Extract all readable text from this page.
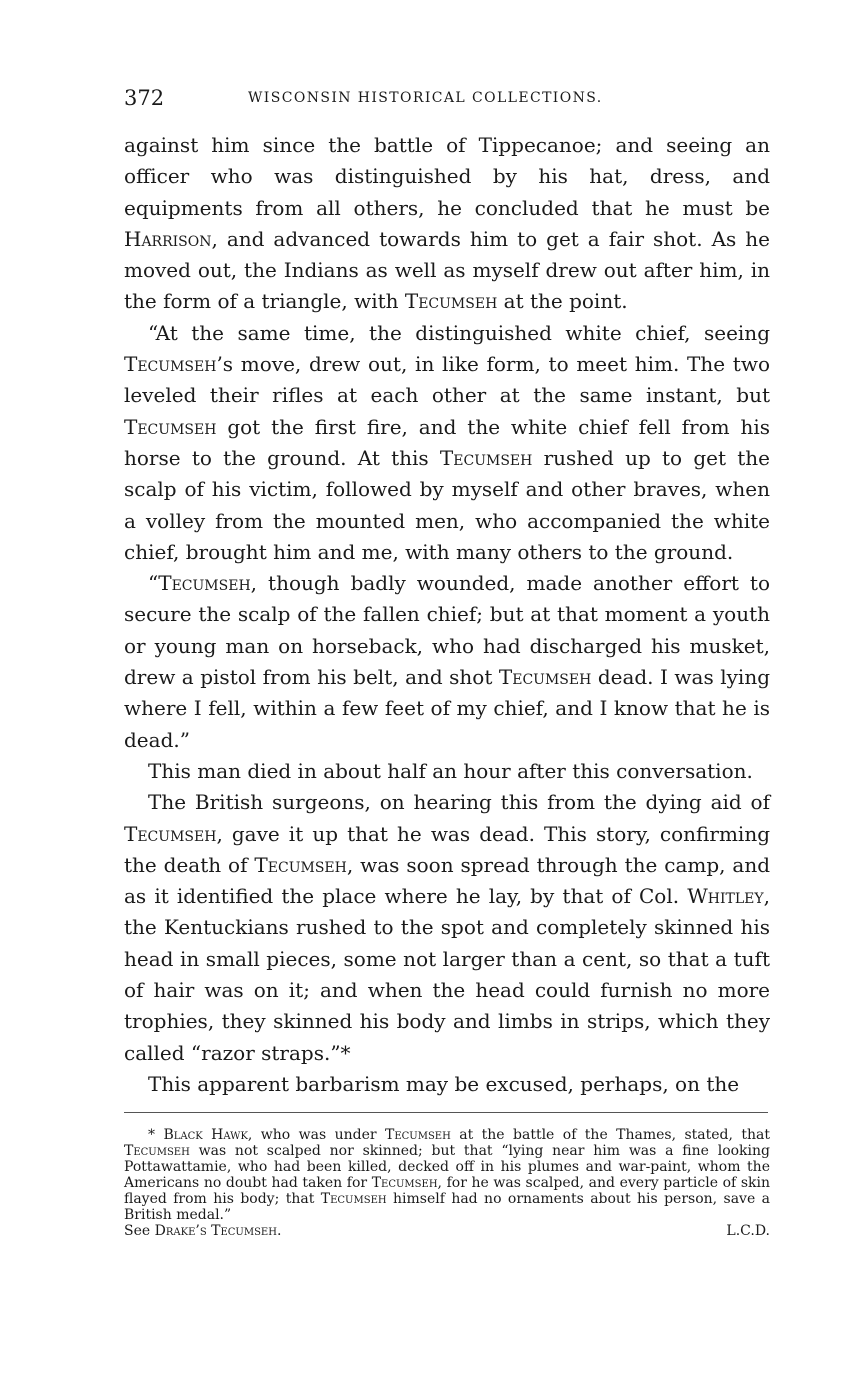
372	WISCONSIN HISTORICAL COLLECTIONS.

against him since the battle of Tippecanoe; and seeing an officer who was distinguished by his hat, dress, and equipments from all others, he concluded that he must be Harrison, and advanced towards him to get a fair shot. As he moved out, the Indians as well as myself drew out after him, in the form of a triangle, with Tecumseh at the point.

“At the same time, the distinguished white chief, seeing Tecumseh’s move, drew out, in like form, to meet him. The two leveled their rifles at each other at the same instant, but Tecumseh got the first fire, and the white chief fell from his horse to the ground. At this Tecumseh rushed up to get the scalp of his victim, followed by myself and other braves, when a volley from the mounted men, who accompanied the white chief, brought him and me, with many others to the ground.

“Tecumseh, though badly wounded, made another effort to secure the scalp of the fallen chief; but at that moment a youth or young man on horseback, who had discharged his musket, drew a pistol from his belt, and shot Tecumseh dead. I was lying where I fell, within a few feet of my chief, and I know that he is dead.”

This man died in about half an hour after this conversation.

The British surgeons, on hearing this from the dying aid of Tecumseh, gave it up that he was dead. This story, confirming the death of Tecumseh, was soon spread through the camp, and as it identified the place where he lay, by that of Col. Whitley, the Kentuckians rushed to the spot and completely skinned his head in small pieces, some not larger than a cent, so that a tuft of hair was on it; and when the head could furnish no more trophies, they skinned his body and limbs in strips, which they called “razor straps.”*

This apparent barbarism may be excused, perhaps, on the

* Black Hawk, who was under Tecumseh at the battle of the Thames, stated, that Tecumseh was not scalped nor skinned; but that “lying near him was a fine looking Pottawattamie, who had been killed, decked off in his plumes and war-paint, whom the Americans no doubt had taken for Tecumseh, for he was scalped, and every particle of skin flayed from his body; that Tecumseh himself had no ornaments about his person, save a British medal.”

See Drake’s Tecumseh.	L.C.D.
